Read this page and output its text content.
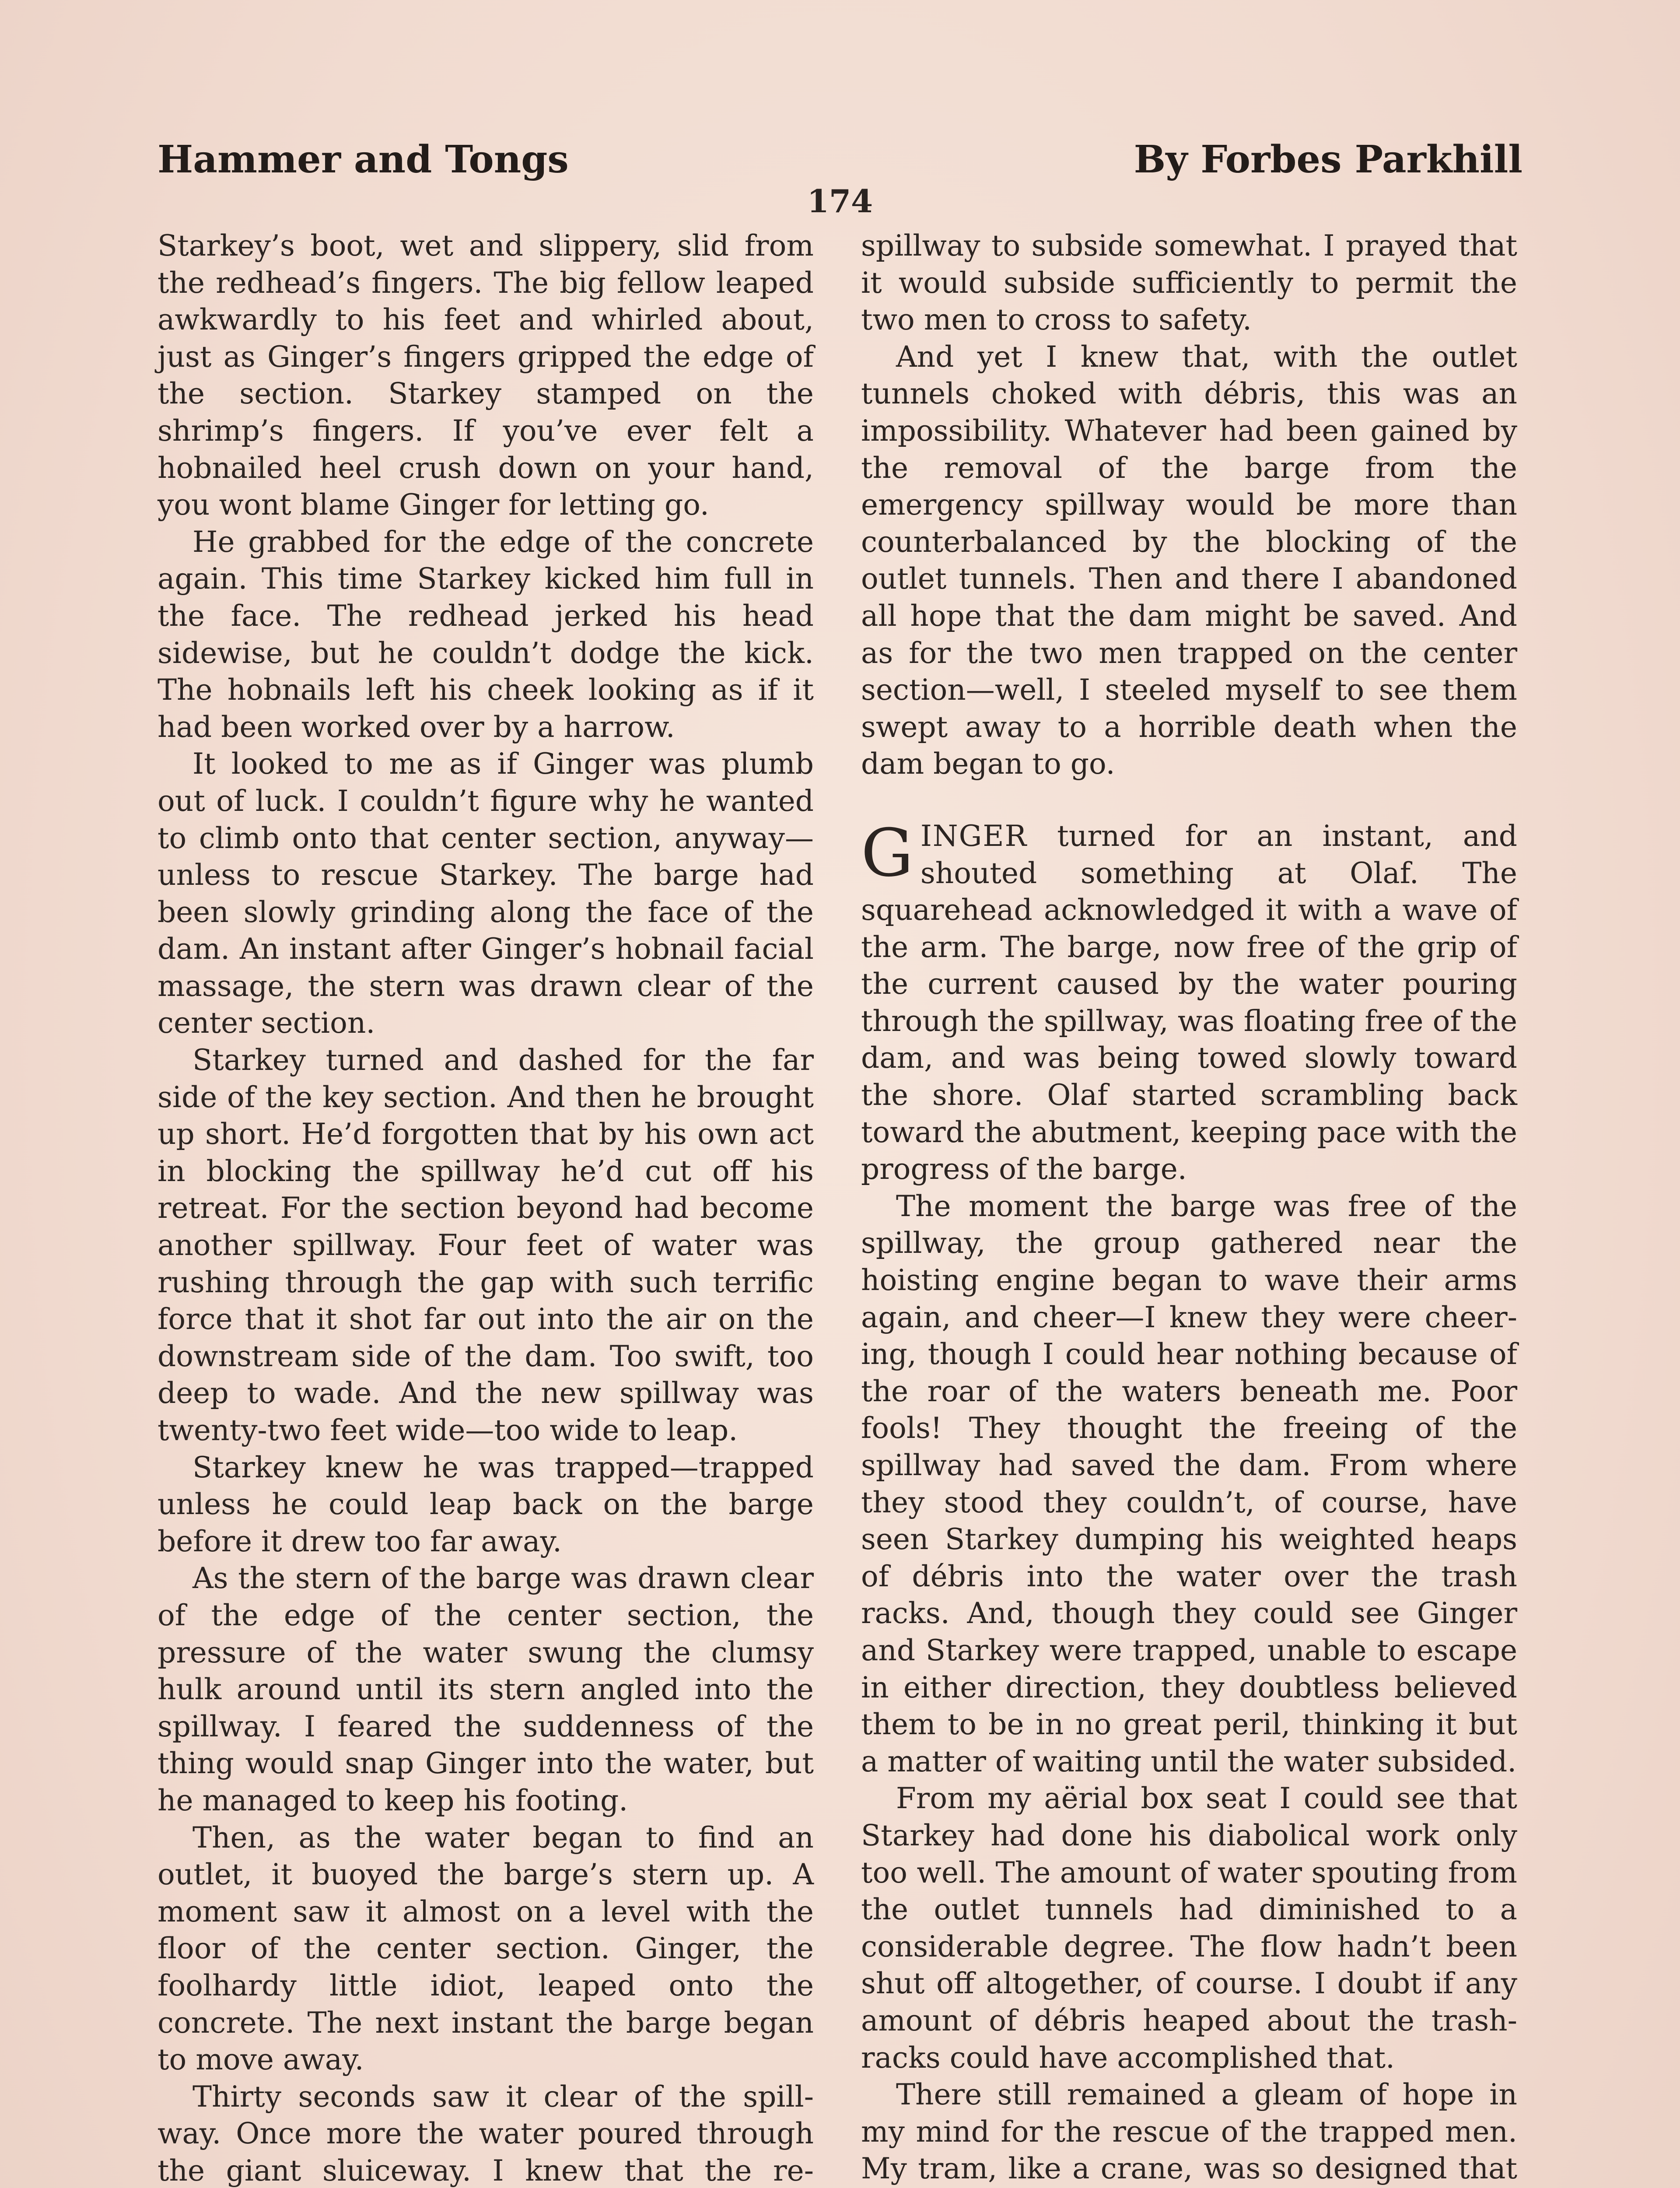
Hammer and Tongs	By Forbes Parkhill
174

Starkey’s boot, wet and slippery, slid from the redhead’s fingers. The big fellow leaped awkwardly to his feet and whirled about, just as Ginger’s fingers gripped the edge of the section. Starkey stamped on the shrimp’s fingers. If you’ve ever felt a hobnailed heel crush down on your hand, you wont blame Ginger for letting go.

He grabbed for the edge of the concrete again. This time Starkey kicked him full in the face. The redhead jerked his head sidewise, but he couldn’t dodge the kick. The hobnails left his cheek looking as if it had been worked over by a harrow.

It looked to me as if Ginger was plumb out of luck. I couldn’t figure why he wanted to climb onto that center section, anyway—unless to rescue Starkey. The barge had been slowly grinding along the face of the dam. An instant after Ginger’s hobnail facial massage, the stern was drawn clear of the center section.

Starkey turned and dashed for the far side of the key section. And then he brought up short. He’d forgotten that by his own act in blocking the spillway he’d cut off his retreat. For the section beyond had become another spillway. Four feet of water was rushing through the gap with such terrific force that it shot far out into the air on the downstream side of the dam. Too swift, too deep to wade. And the new spillway was twenty-two feet wide—too wide to leap.

Starkey knew he was trapped—trapped unless he could leap back on the barge before it drew too far away.

As the stern of the barge was drawn clear of the edge of the center section, the pressure of the water swung the clumsy hulk around until its stern angled into the spillway. I feared the suddenness of the thing would snap Ginger into the water, but he managed to keep his footing.

Then, as the water began to find an outlet, it buoyed the barge’s stern up. A moment saw it almost on a level with the floor of the center section. Ginger, the foolhardy little idiot, leaped onto the concrete. The next instant the barge began to move away.

Thirty seconds saw it clear of the spillway. Once more the water poured through the giant sluiceway. I knew that the re

spillway to subside somewhat. I prayed that it would subside sufficiently to permit the two men to cross to safety.

And yet I knew that, with the outlet tunnels choked with débris, this was an impossibility. Whatever had been gained by the removal of the barge from the emergency spillway would be more than counterbalanced by the blocking of the outlet tunnels. Then and there I abandoned all hope that the dam might be saved. And as for the two men trapped on the center section—well, I steeled myself to see them swept away to a horrible death when the dam began to go.

GINGER turned for an instant, and shouted something at Olaf. The squarehead acknowledged it with a wave of the arm. The barge, now free of the grip of the current caused by the water pouring through the spillway, was floating free of the dam, and was being towed slowly toward the shore. Olaf started scrambling back toward the abutment, keeping pace with the progress of the barge.

The moment the barge was free of the spillway, the group gathered near the hoisting engine began to wave their arms again, and cheer—I knew they were cheering, though I could hear nothing because of the roar of the waters beneath me. Poor fools! They thought the freeing of the spillway had saved the dam. From where they stood they couldn’t, of course, have seen Starkey dumping his weighted heaps of débris into the water over the trash racks. And, though they could see Ginger and Starkey were trapped, unable to escape in either direction, they doubtless believed them to be in no great peril, thinking it but a matter of waiting until the water subsided.

From my aërial box seat I could see that Starkey had done his diabolical work only too well. The amount of water spouting from the outlet tunnels had diminished to a considerable degree. The flow hadn’t been shut off altogether, of course. I doubt if any amount of débris heaped about the trash-racks could have accomplished that.

There still remained a gleam of hope in my mind for the rescue of the trapped men. My tram, like a crane, was so designed that
